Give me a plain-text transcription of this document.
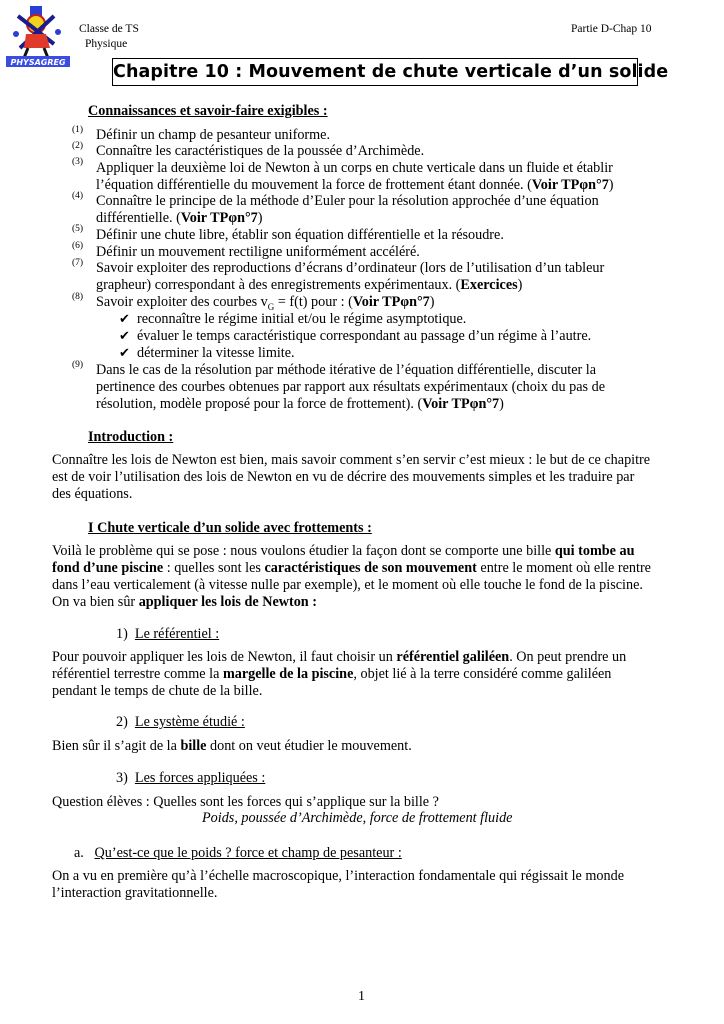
PHYSAGREG
Classe de TS
Physique
Partie D-Chap 10
Chapitre 10 : Mouvement de chute verticale d’un solide
Connaissances et savoir-faire exigibles :
(1) Définir un champ de pesanteur uniforme.
(2) Connaître les caractéristiques de la poussée d’Archimède.
(3) Appliquer la deuxième loi de Newton à un corps en chute verticale dans un fluide et établir
l’équation différentielle du mouvement la force de frottement étant donnée. (Voir TPφn°7)
(4) Connaître le principe de la méthode d’Euler pour la résolution approchée d’une équation
différentielle. (Voir TPφn°7)
(5) Définir une chute libre, établir son équation différentielle et la résoudre.
(6) Définir un mouvement rectiligne uniformément accéléré.
(7) Savoir exploiter des reproductions d’écrans d’ordinateur (lors de l’utilisation d’un tableur
grapheur) correspondant à des enregistrements expérimentaux. (Exercices)
(8) Savoir exploiter des courbes $v_G = f(t)$ pour : (Voir TPφn°7)
✔ reconnaître le régime initial et/ou le régime asymptotique.
✔ évaluer le temps caractéristique correspondant au passage d’un régime à l’autre.
✔ déterminer la vitesse limite.
(9) Dans le cas de la résolution par méthode itérative de l’équation différentielle, discuter la
pertinence des courbes obtenues par rapport aux résultats expérimentaux (choix du pas de
résolution, modèle proposé pour la force de frottement). (Voir TPφn°7)
Introduction :
Connaître les lois de Newton est bien, mais savoir comment s’en servir c’est mieux : le but de ce chapitre
est de voir l’utilisation des lois de Newton en vu de décrire des mouvements simples et les traduire par
des équations.
I Chute verticale d’un solide avec frottements :
Voilà le problème qui se pose : nous voulons étudier la façon dont se comporte une bille qui tombe au
fond d’une piscine : quelles sont les caractéristiques de son mouvement entre le moment où elle rentre
dans l’eau verticalement (à vitesse nulle par exemple), et le moment où elle touche le fond de la piscine.
On va bien sûr appliquer les lois de Newton :
1) Le référentiel :
Pour pouvoir appliquer les lois de Newton, il faut choisir un référentiel galiléen. On peut prendre un
référentiel terrestre comme la margelle de la piscine, objet lié à la terre considéré comme galiléen
pendant le temps de chute de la bille.
2) Le système étudié :
Bien sûr il s’agit de la bille dont on veut étudier le mouvement.
3) Les forces appliquées :
Question élèves : Quelles sont les forces qui s’applique sur la bille ?
Poids, poussée d’Archimède, force de frottement fluide
a. Qu’est-ce que le poids ? force et champ de pesanteur :
On a vu en première qu’à l’échelle macroscopique, l’interaction fondamentale qui régissait le monde
l’interaction gravitationnelle.
1
